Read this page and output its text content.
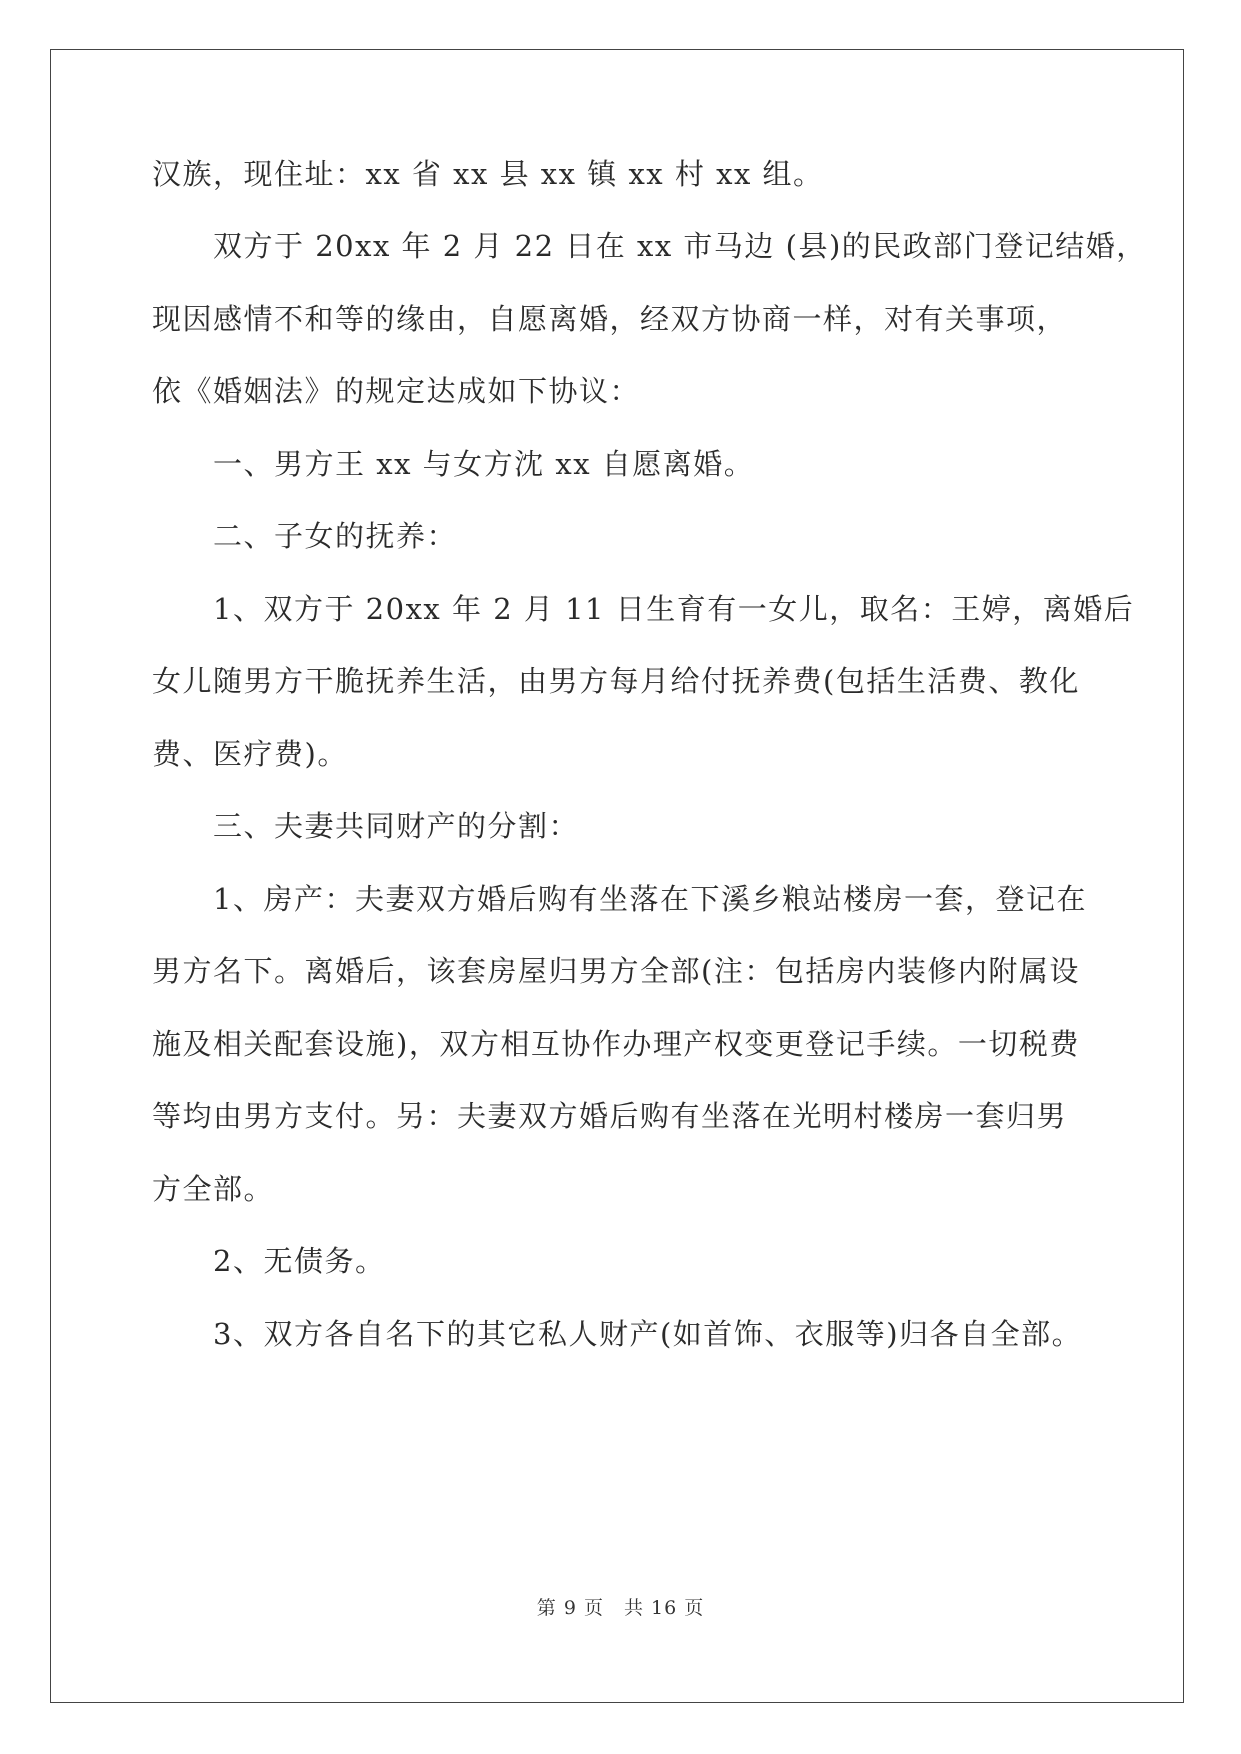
汉族，现住址：xx 省 xx 县 xx 镇 xx 村 xx 组。
双方于 20xx 年 2 月 22 日在 xx 市马边 (县)的民政部门登记结婚，
现因感情不和等的缘由，自愿离婚，经双方协商一样，对有关事项，
依《婚姻法》的规定达成如下协议：
一、男方王 xx 与女方沈 xx 自愿离婚。
二、子女的抚养：
1、双方于 20xx 年 2 月 11 日生育有一女儿，取名：王婷，离婚后
女儿随男方干脆抚养生活，由男方每月给付抚养费(包括生活费、教化
费、医疗费)。
三、夫妻共同财产的分割：
1、房产：夫妻双方婚后购有坐落在下溪乡粮站楼房一套，登记在
男方名下。离婚后，该套房屋归男方全部(注：包括房内装修内附属设
施及相关配套设施)，双方相互协作办理产权变更登记手续。一切税费
等均由男方支付。另：夫妻双方婚后购有坐落在光明村楼房一套归男
方全部。
2、无债务。
3、双方各自名下的其它私人财产(如首饰、衣服等)归各自全部。
第 9 页 共 16 页
